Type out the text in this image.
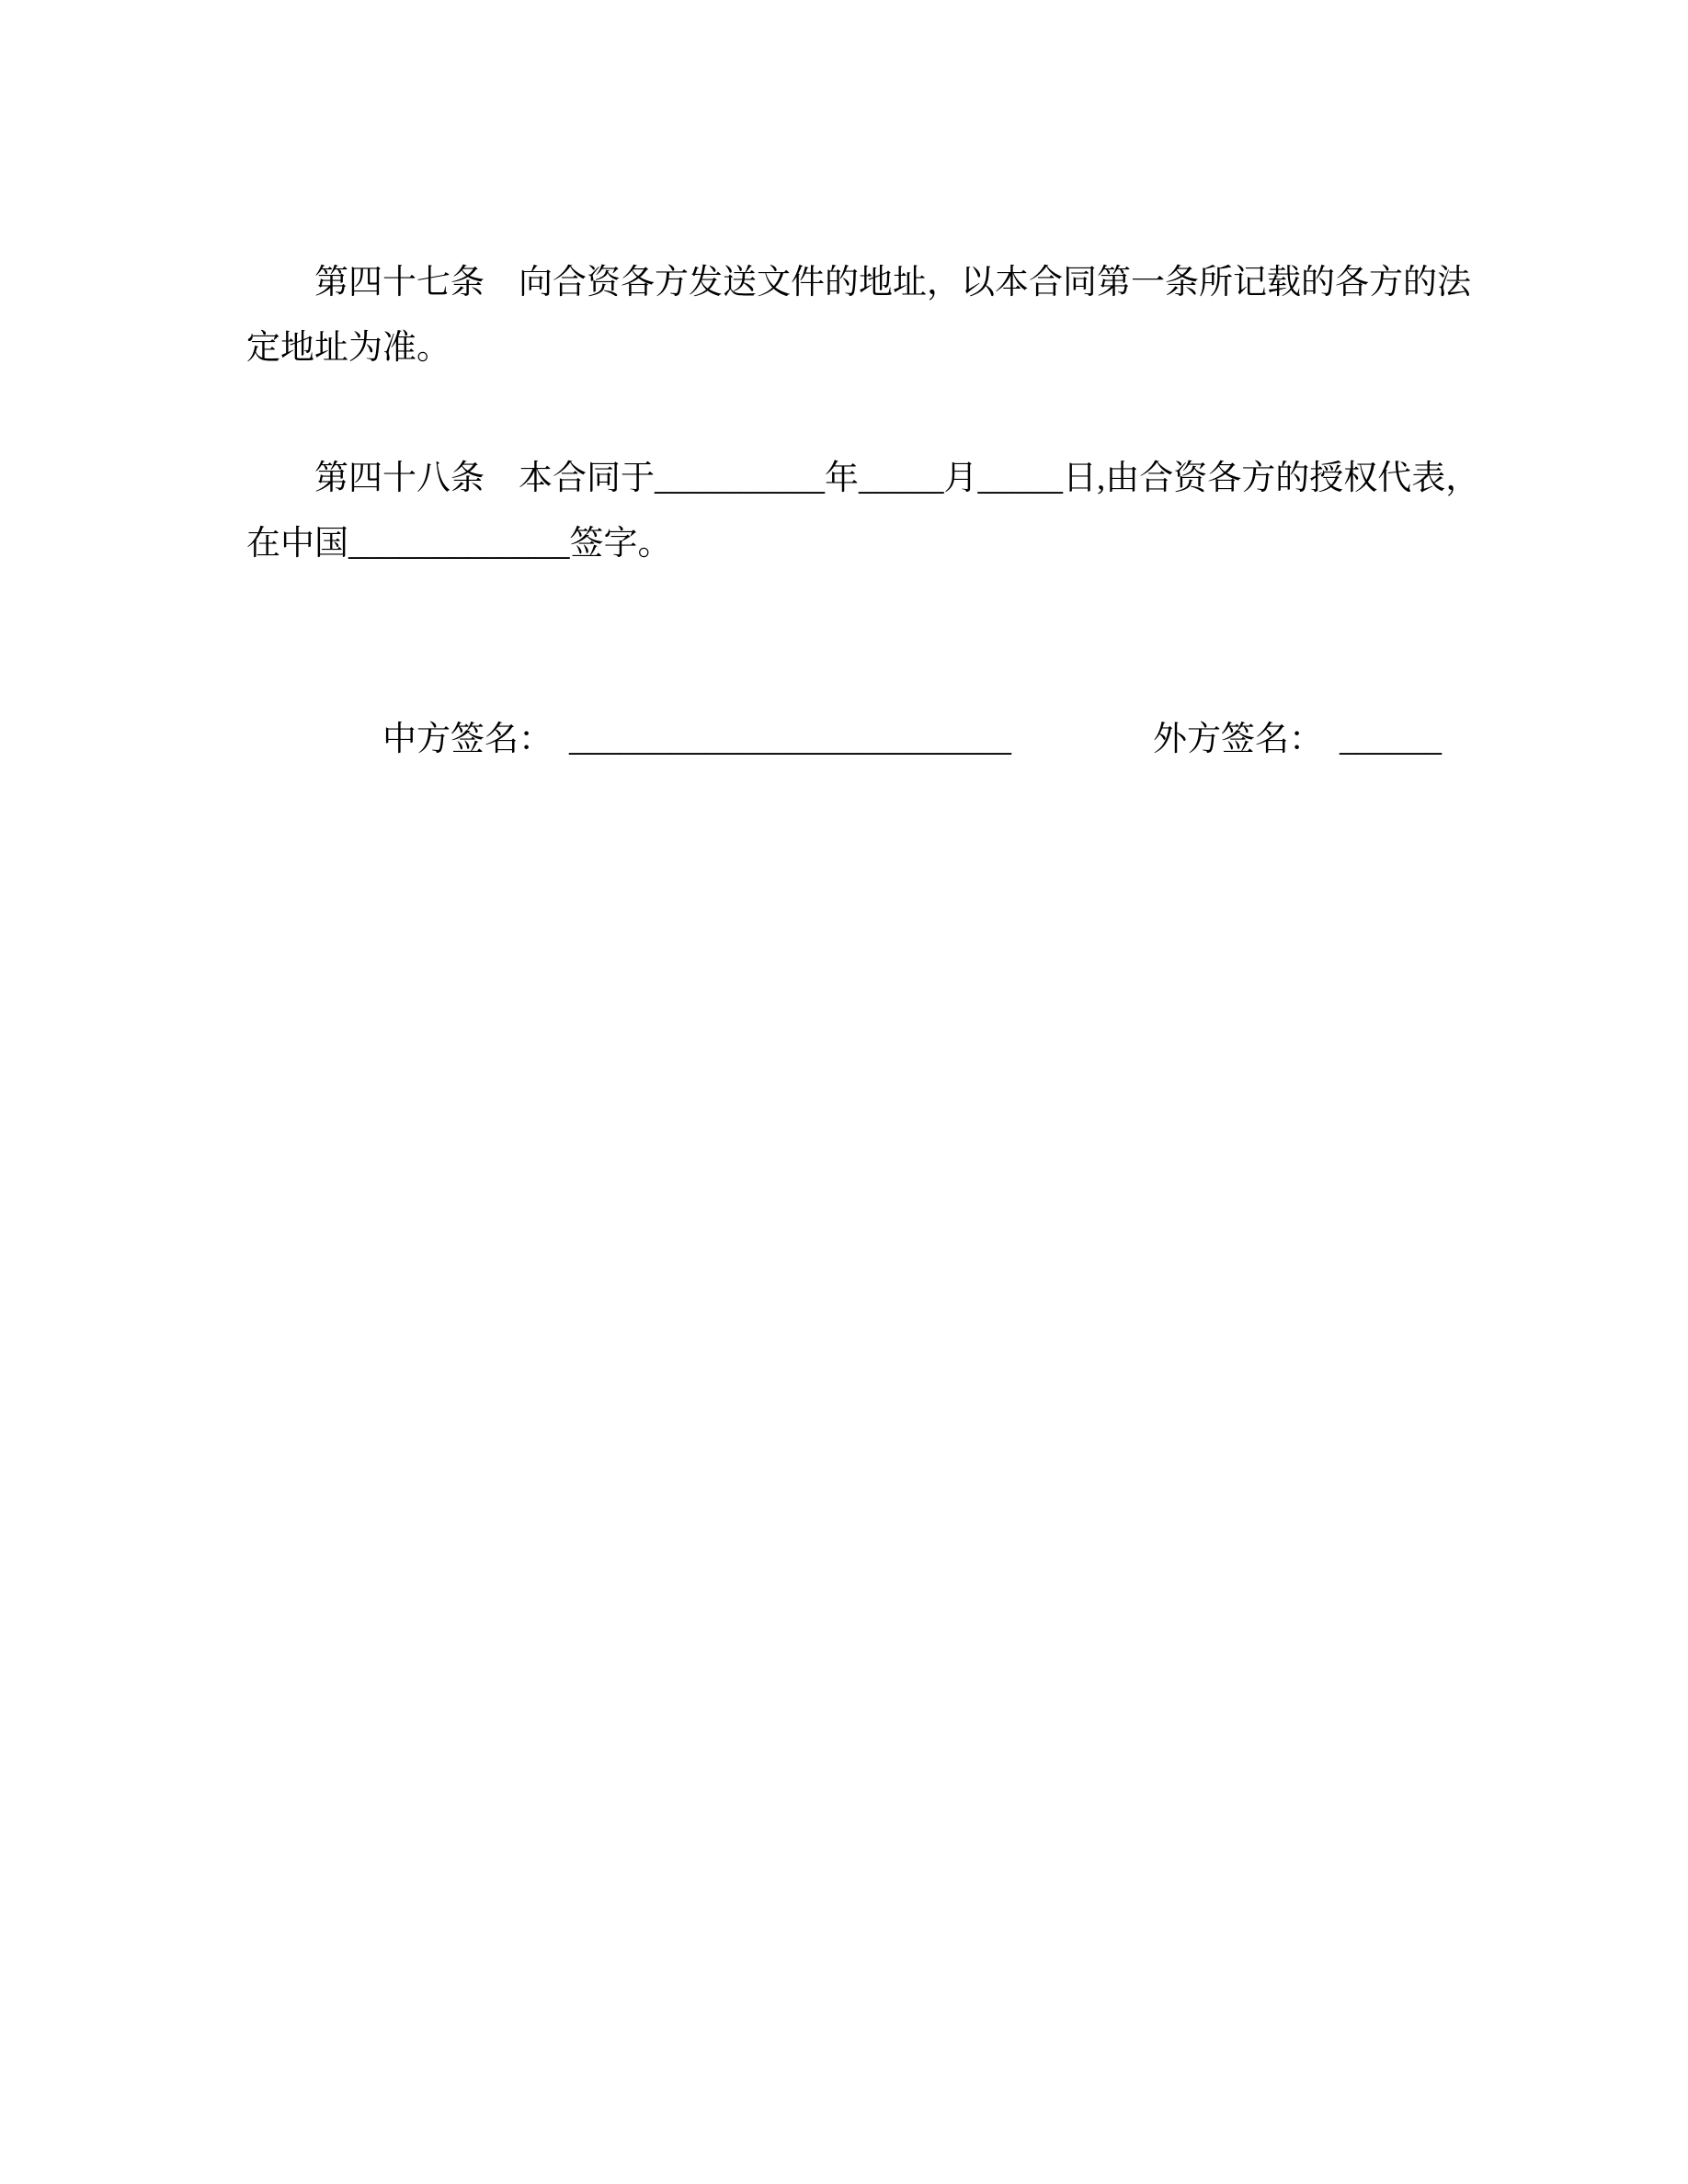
第四十七条　向合资各方发送文件的地址，以本合同第一条所记载的各方的法
定地址为准。

第四十八条　本合同于__________年_____月_____日,由合资各方的授权代表，
在中国_____________签字。

中方签名： __________________________
	外方签名： ______
